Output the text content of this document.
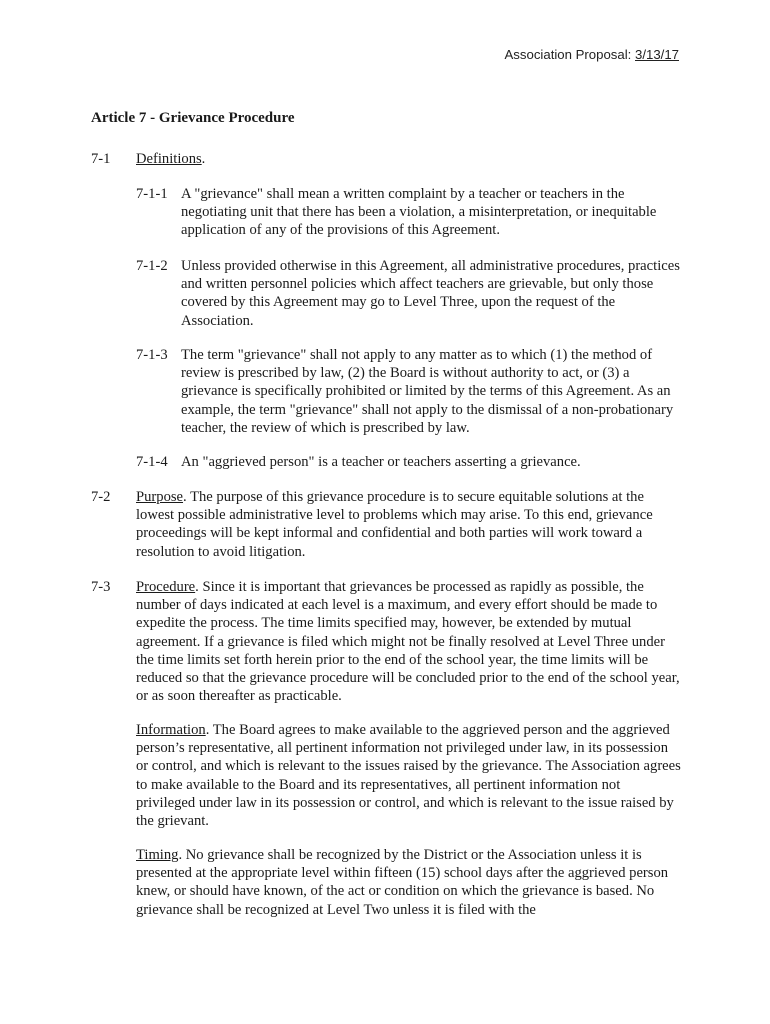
Association Proposal: 3/13/17
Article 7 - Grievance Procedure
7-1	Definitions.
7-1-1 A "grievance" shall mean a written complaint by a teacher or teachers in the negotiating unit that there has been a violation, a misinterpretation, or inequitable application of any of the provisions of this Agreement.

7-1-2 Unless provided otherwise in this Agreement, all administrative procedures, practices and written personnel policies which affect teachers are grievable, but only those covered by this Agreement may go to Level Three, upon the request of the Association.

7-1-3 The term "grievance" shall not apply to any matter as to which (1) the method of review is prescribed by law, (2) the Board is without authority to act, or (3) a grievance is specifically prohibited or limited by the terms of this Agreement. As an example, the term "grievance" shall not apply to the dismissal of a non-probationary teacher, the review of which is prescribed by law.

7-1-4 An "aggrieved person" is a teacher or teachers asserting a grievance.

7-2	Purpose. The purpose of this grievance procedure is to secure equitable solutions at the lowest possible administrative level to problems which may arise. To this end, grievance proceedings will be kept informal and confidential and both parties will work toward a resolution to avoid litigation.

7-3	Procedure. Since it is important that grievances be processed as rapidly as possible, the number of days indicated at each level is a maximum, and every effort should be made to expedite the process. The time limits specified may, however, be extended by mutual agreement. If a grievance is filed which might not be finally resolved at Level Three under the time limits set forth herein prior to the end of the school year, the time limits will be reduced so that the grievance procedure will be concluded prior to the end of the school year, or as soon thereafter as practicable.

Information. The Board agrees to make available to the aggrieved person and the aggrieved person’s representative, all pertinent information not privileged under law, in its possession or control, and which is relevant to the issues raised by the grievance. The Association agrees to make available to the Board and its representatives, all pertinent information not privileged under law in its possession or control, and which is relevant to the issue raised by the grievant.

Timing. No grievance shall be recognized by the District or the Association unless it is presented at the appropriate level within fifteen (15) school days after the aggrieved person knew, or should have known, of the act or condition on which the grievance is based. No grievance shall be recognized at Level Two unless it is filed with the
